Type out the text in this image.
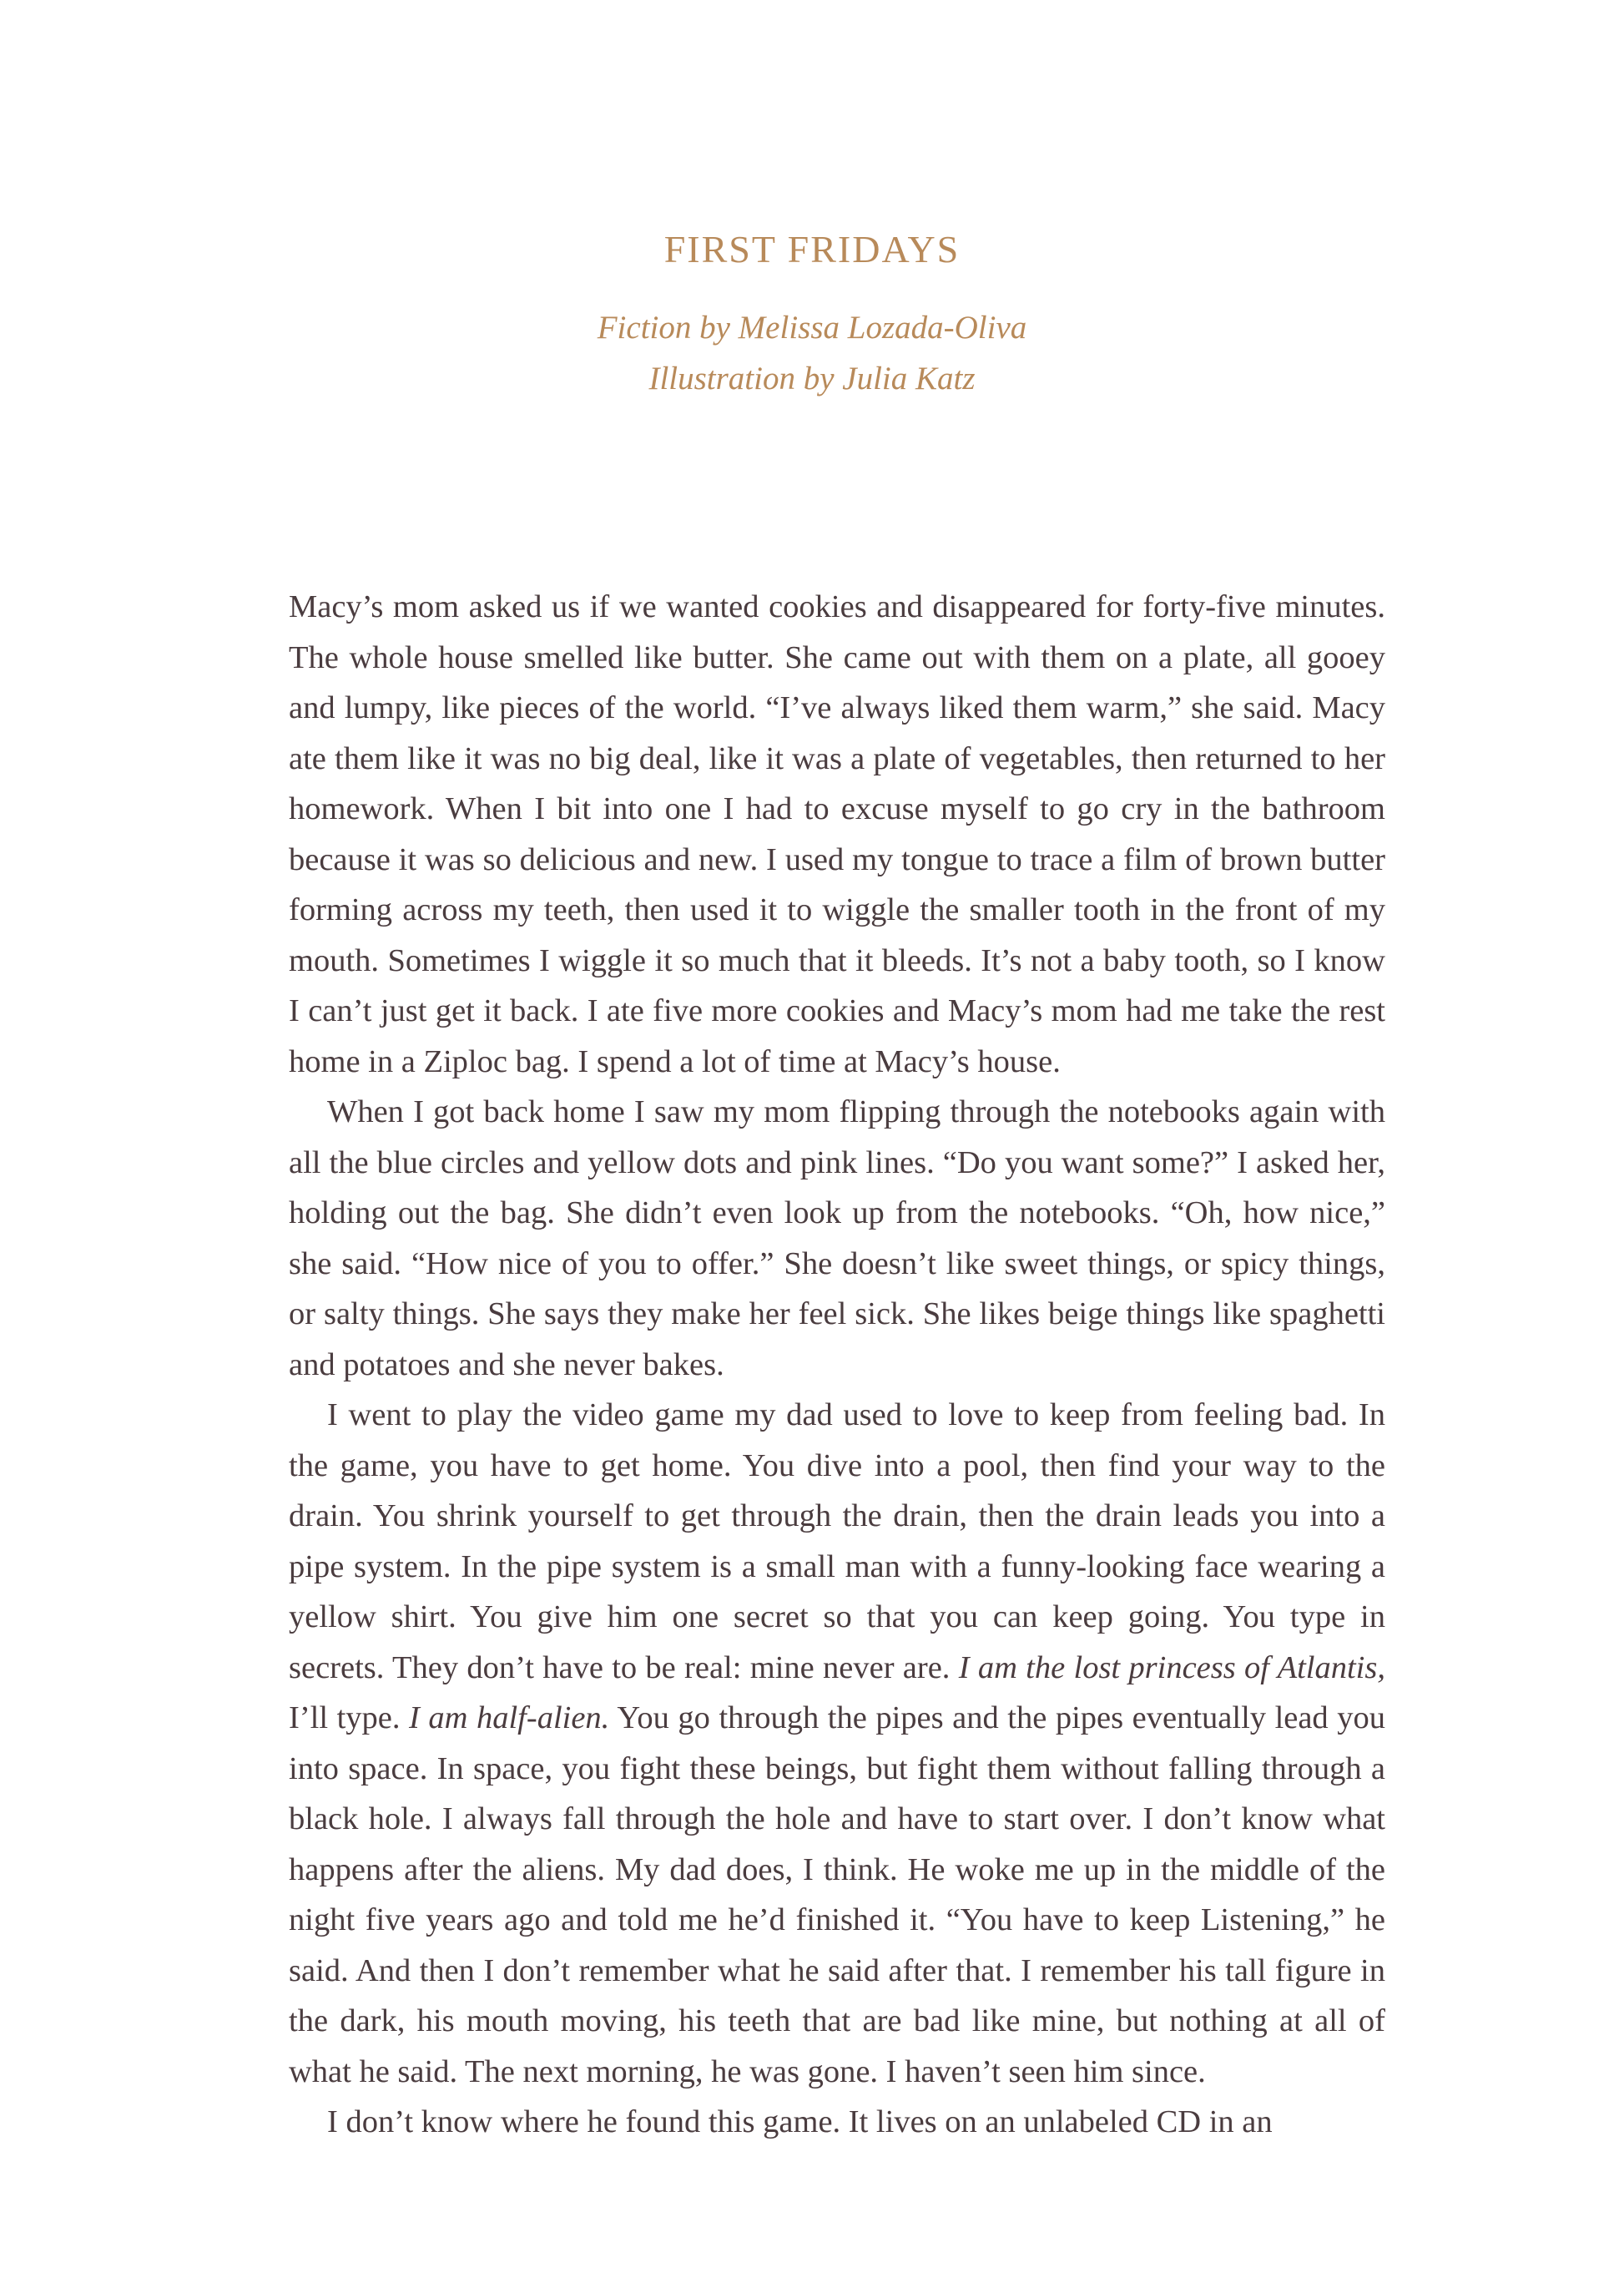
FIRST FRIDAYS
Fiction by Melissa Lozada-Oliva
Illustration by Julia Katz

Macy’s mom asked us if we wanted cookies and disappeared for forty-five minutes. The whole house smelled like butter. She came out with them on a plate, all gooey and lumpy, like pieces of the world. “I’ve always liked them warm,” she said. Macy ate them like it was no big deal, like it was a plate of vegetables, then returned to her homework. When I bit into one I had to excuse myself to go cry in the bathroom because it was so delicious and new. I used my tongue to trace a film of brown butter forming across my teeth, then used it to wiggle the smaller tooth in the front of my mouth. Sometimes I wiggle it so much that it bleeds. It’s not a baby tooth, so I know I can’t just get it back. I ate five more cookies and Macy’s mom had me take the rest home in a Ziploc bag. I spend a lot of time at Macy’s house.

When I got back home I saw my mom flipping through the notebooks again with all the blue circles and yellow dots and pink lines. “Do you want some?” I asked her, holding out the bag. She didn’t even look up from the notebooks. “Oh, how nice,” she said. “How nice of you to offer.” She doesn’t like sweet things, or spicy things, or salty things. She says they make her feel sick. She likes beige things like spaghetti and potatoes and she never bakes.

I went to play the video game my dad used to love to keep from feeling bad. In the game, you have to get home. You dive into a pool, then find your way to the drain. You shrink yourself to get through the drain, then the drain leads you into a pipe system. In the pipe system is a small man with a funny-looking face wearing a yellow shirt. You give him one secret so that you can keep going. You type in secrets. They don’t have to be real: mine never are. I am the lost princess of Atlantis, I’ll type. I am half-alien. You go through the pipes and the pipes eventually lead you into space. In space, you fight these beings, but fight them without falling through a black hole. I always fall through the hole and have to start over. I don’t know what happens after the aliens. My dad does, I think. He woke me up in the middle of the night five years ago and told me he’d finished it. “You have to keep Listening,” he said. And then I don’t remember what he said after that. I remember his tall figure in the dark, his mouth moving, his teeth that are bad like mine, but nothing at all of what he said. The next morning, he was gone. I haven’t seen him since.

I don’t know where he found this game. It lives on an unlabeled CD in an
